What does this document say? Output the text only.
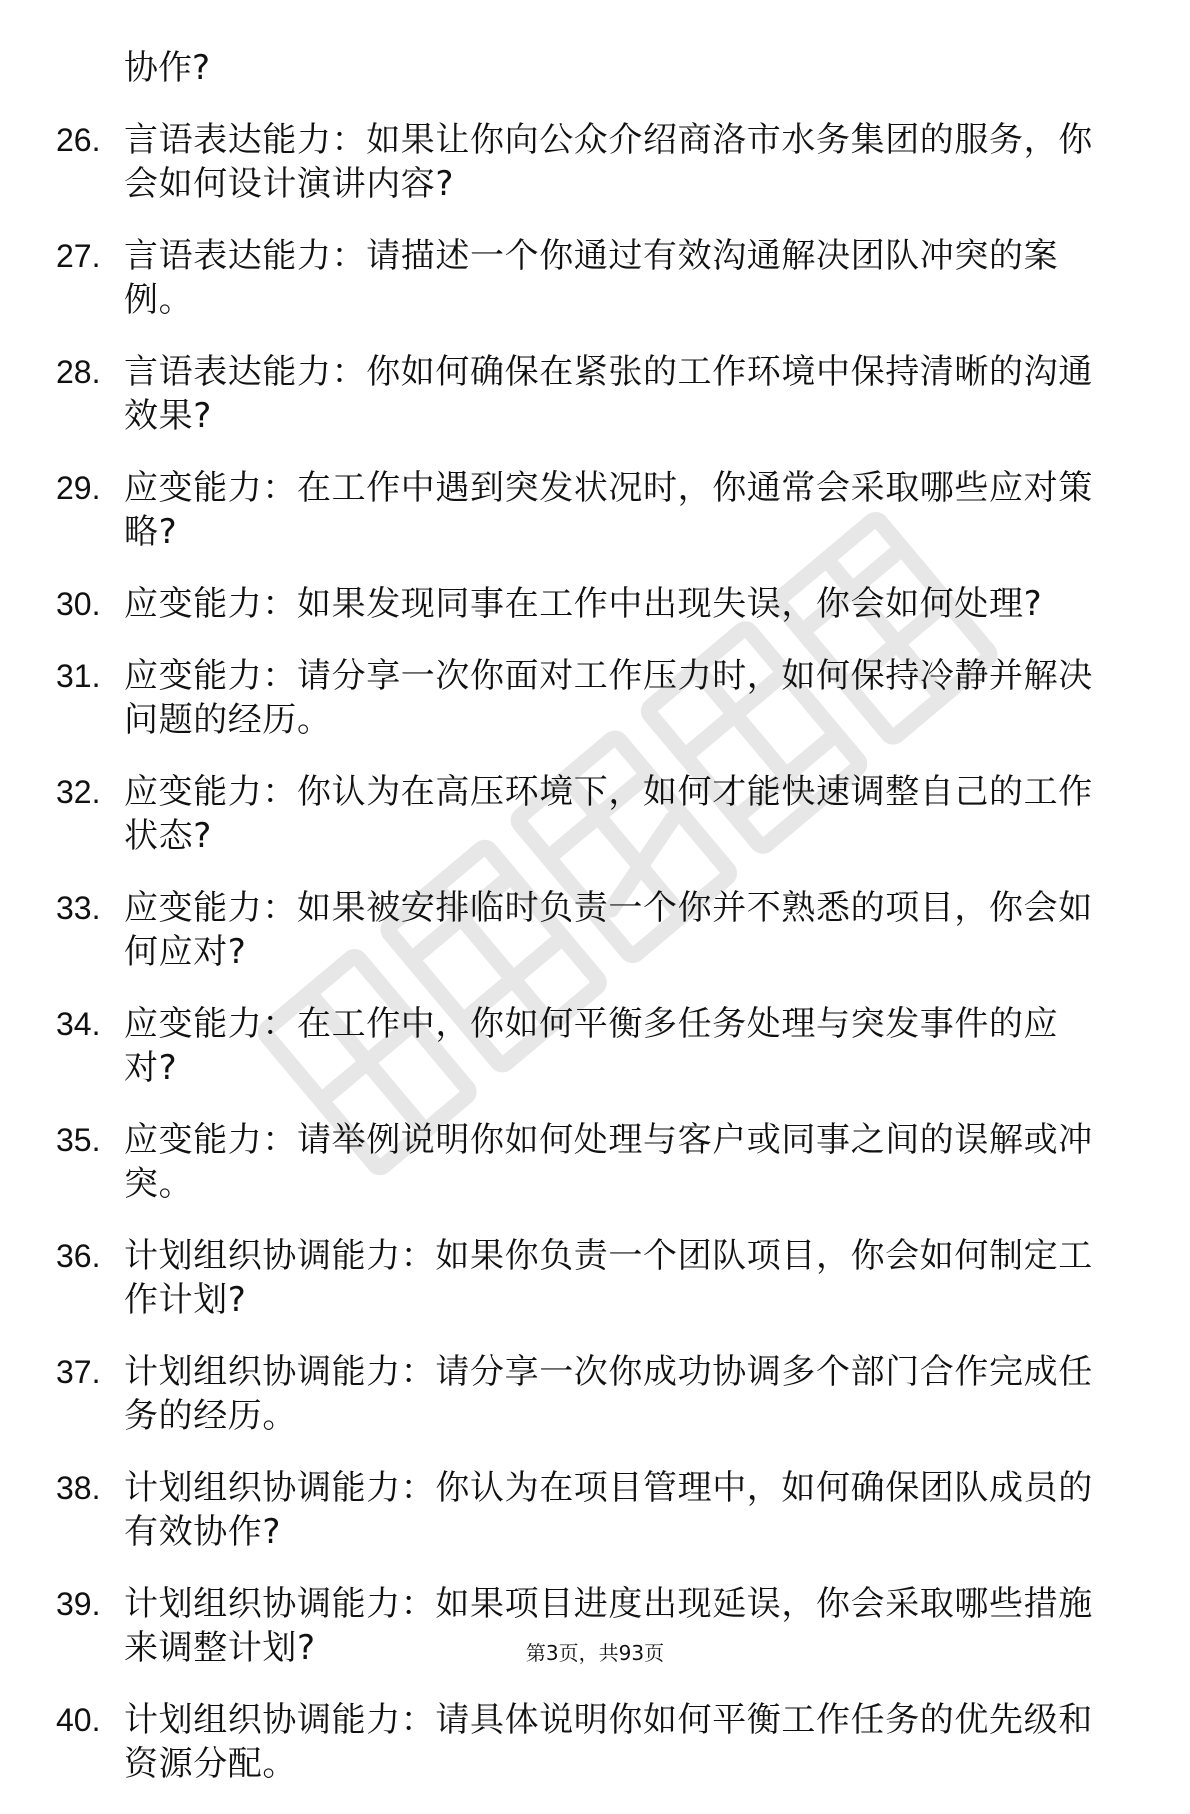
协作?
26. 言语表达能力：如果让你向公众介绍商洛市水务集团的服务，你
会如何设计演讲内容?
27. 言语表达能力：请描述一个你通过有效沟通解决团队冲突的案
例。
28. 言语表达能力：你如何确保在紧张的工作环境中保持清晰的沟通
效果?
29. 应变能力：在工作中遇到突发状况时，你通常会采取哪些应对策
略?
30. 应变能力：如果发现同事在工作中出现失误，你会如何处理?
31. 应变能力：请分享一次你面对工作压力时，如何保持冷静并解决
问题的经历。
32. 应变能力：你认为在高压环境下，如何才能快速调整自己的工作
状态?
33. 应变能力：如果被安排临时负责一个你并不熟悉的项目，你会如
何应对?
34. 应变能力：在工作中，你如何平衡多任务处理与突发事件的应
对?
35. 应变能力：请举例说明你如何处理与客户或同事之间的误解或冲
突。
36. 计划组织协调能力：如果你负责一个团队项目，你会如何制定工
作计划?
37. 计划组织协调能力：请分享一次你成功协调多个部门合作完成任
务的经历。
38. 计划组织协调能力：你认为在项目管理中，如何确保团队成员的
有效协作?
39. 计划组织协调能力：如果项目进度出现延误，你会采取哪些措施
来调整计划?
40. 计划组织协调能力：请具体说明你如何平衡工作任务的优先级和
资源分配。
第3页，共93页
